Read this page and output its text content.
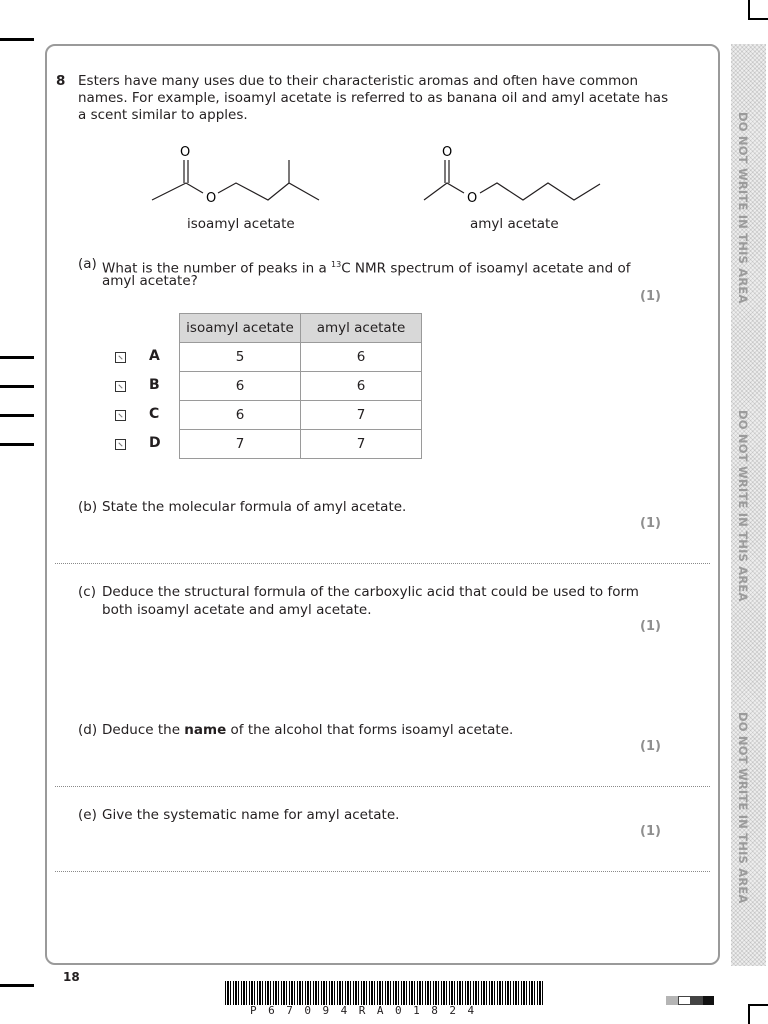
DO NOT WRITE IN THIS AREA
DO NOT WRITE IN THIS AREA
DO NOT WRITE IN THIS AREA
8 Esters have many uses due to their characteristic aromas and often have common
names. For example, isoamyl acetate is referred to as banana oil and amyl acetate has
a scent similar to apples.
O
O
O
O
isoamyl acetate	amyl acetate
(a) What is the number of peaks in a $^{13}$C NMR spectrum of isoamyl acetate and of
amyl acetate?
(1)
isoamyl acetate	amyl acetate
5	6
6	6
6	7
7	7
A
B
C
D
(b) State the molecular formula of amyl acetate.
(1)
(c) Deduce the structural formula of the carboxylic acid that could be used to form
both isoamyl acetate and amyl acetate.
(1)
(d) Deduce the name of the alcohol that forms isoamyl acetate.
(1)
(e) Give the systematic name for amyl acetate.
(1)
18
P67094RA01824
